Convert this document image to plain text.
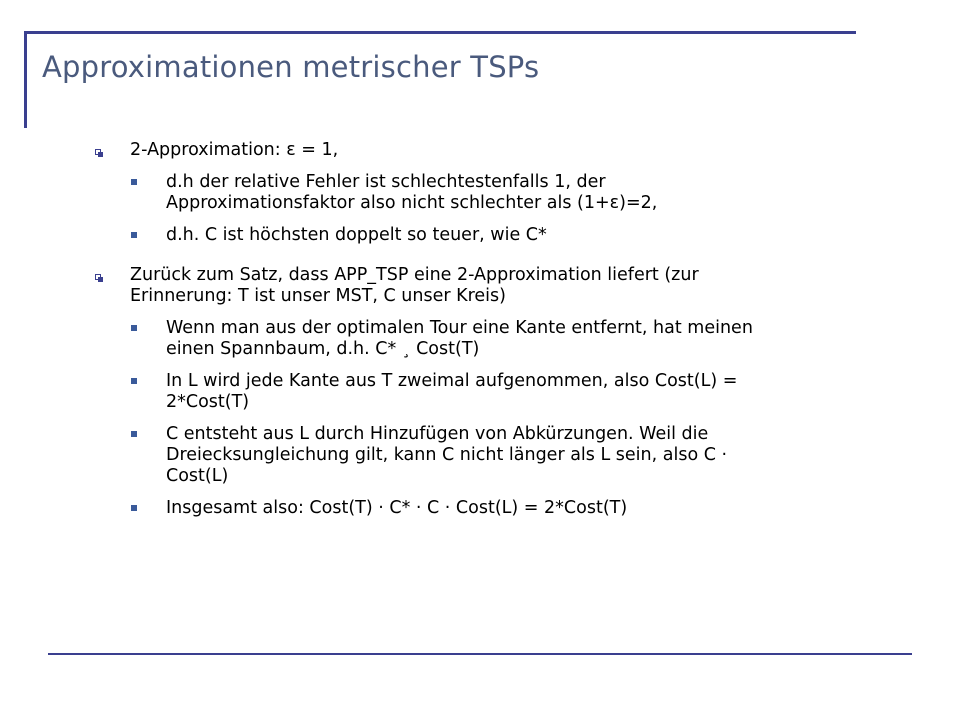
Approximationen metrischer TSPs
2-Approximation: ε = 1,
d.h der relative Fehler ist schlechtestenfalls 1, der
Approximationsfaktor also nicht schlechter als (1+ε)=2,
d.h. C ist höchsten doppelt so teuer, wie C*
Zurück zum Satz, dass APP_TSP eine 2-Approximation liefert (zur
Erinnerung: T ist unser MST, C unser Kreis)
Wenn man aus der optimalen Tour eine Kante entfernt, hat meinen
einen Spannbaum, d.h. C* ¸ Cost(T)
In L wird jede Kante aus T zweimal aufgenommen, also Cost(L) =
2*Cost(T)
C entsteht aus L durch Hinzufügen von Abkürzungen. Weil die
Dreiecksungleichung gilt, kann C nicht länger als L sein, also C ·
Cost(L)
Insgesamt also: Cost(T) · C* · C · Cost(L) = 2*Cost(T)
